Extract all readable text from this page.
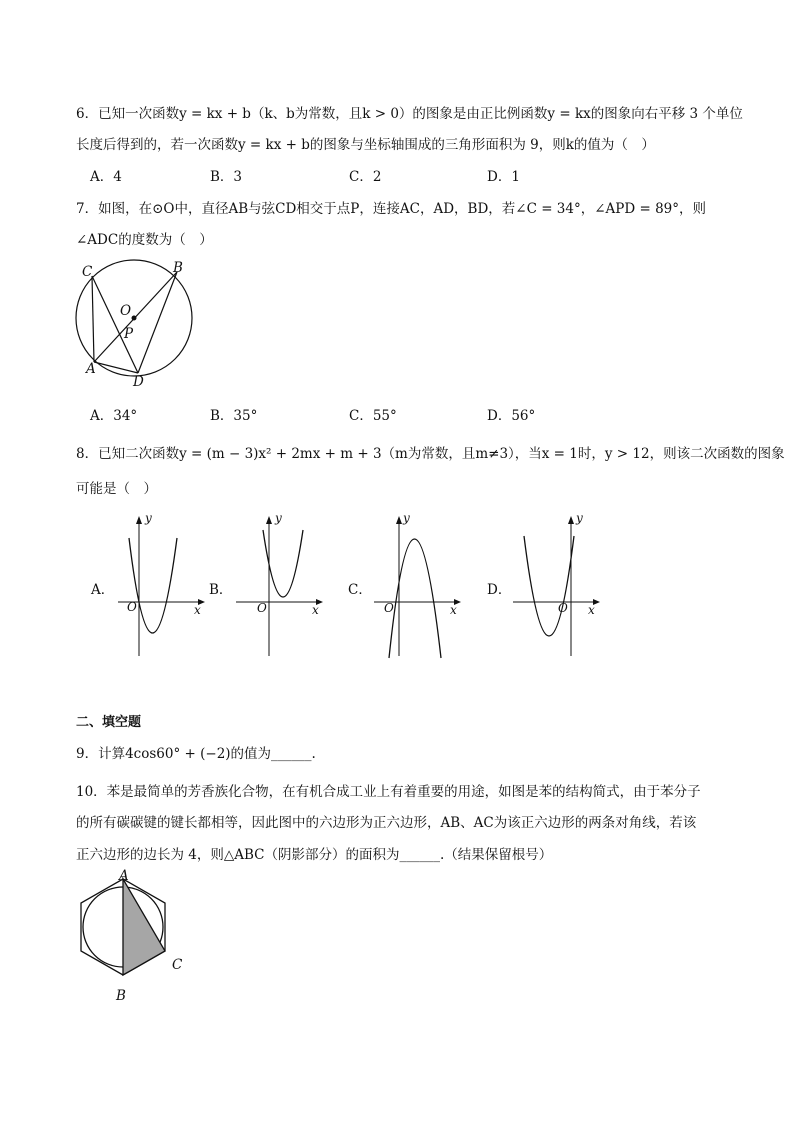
6．已知一次函数y = kx + b（k、b为常数，且k > 0）的图象是由正比例函数y = kx的图象向右平移 3 个单位
长度后得到的，若一次函数y = kx + b的图象与坐标轴围成的三角形面积为 9，则k的值为（　）
A．4	B．3	C．2	D．1
7．如图，在⊙O中，直径AB与弦CD相交于点P，连接AC，AD，BD，若∠C = 34°，∠APD = 89°，则
∠ADC的度数为（　）
C	B
O
P
A
D
A．34°	B．35°	C．55°	D．56°
8．已知二次函数y = (m − 3)x² + 2mx + m + 3（m为常数，且m≠3），当x = 1时，y > 12，则该二次函数的图象
可能是（　）
A．
y
x
O
B．
y
x
O
C．
y
x
O
D．
y
x
O
二、填空题
9．计算4cos60° + (−2)的值为______.
10．苯是最简单的芳香族化合物，在有机合成工业上有着重要的用途，如图是苯的结构简式，由于苯分子
的所有碳碳键的键长都相等，因此图中的六边形为正六边形，AB、AC为该正六边形的两条对角线，若该
正六边形的边长为 4，则△ABC（阴影部分）的面积为______.（结果保留根号）
A
C
B
